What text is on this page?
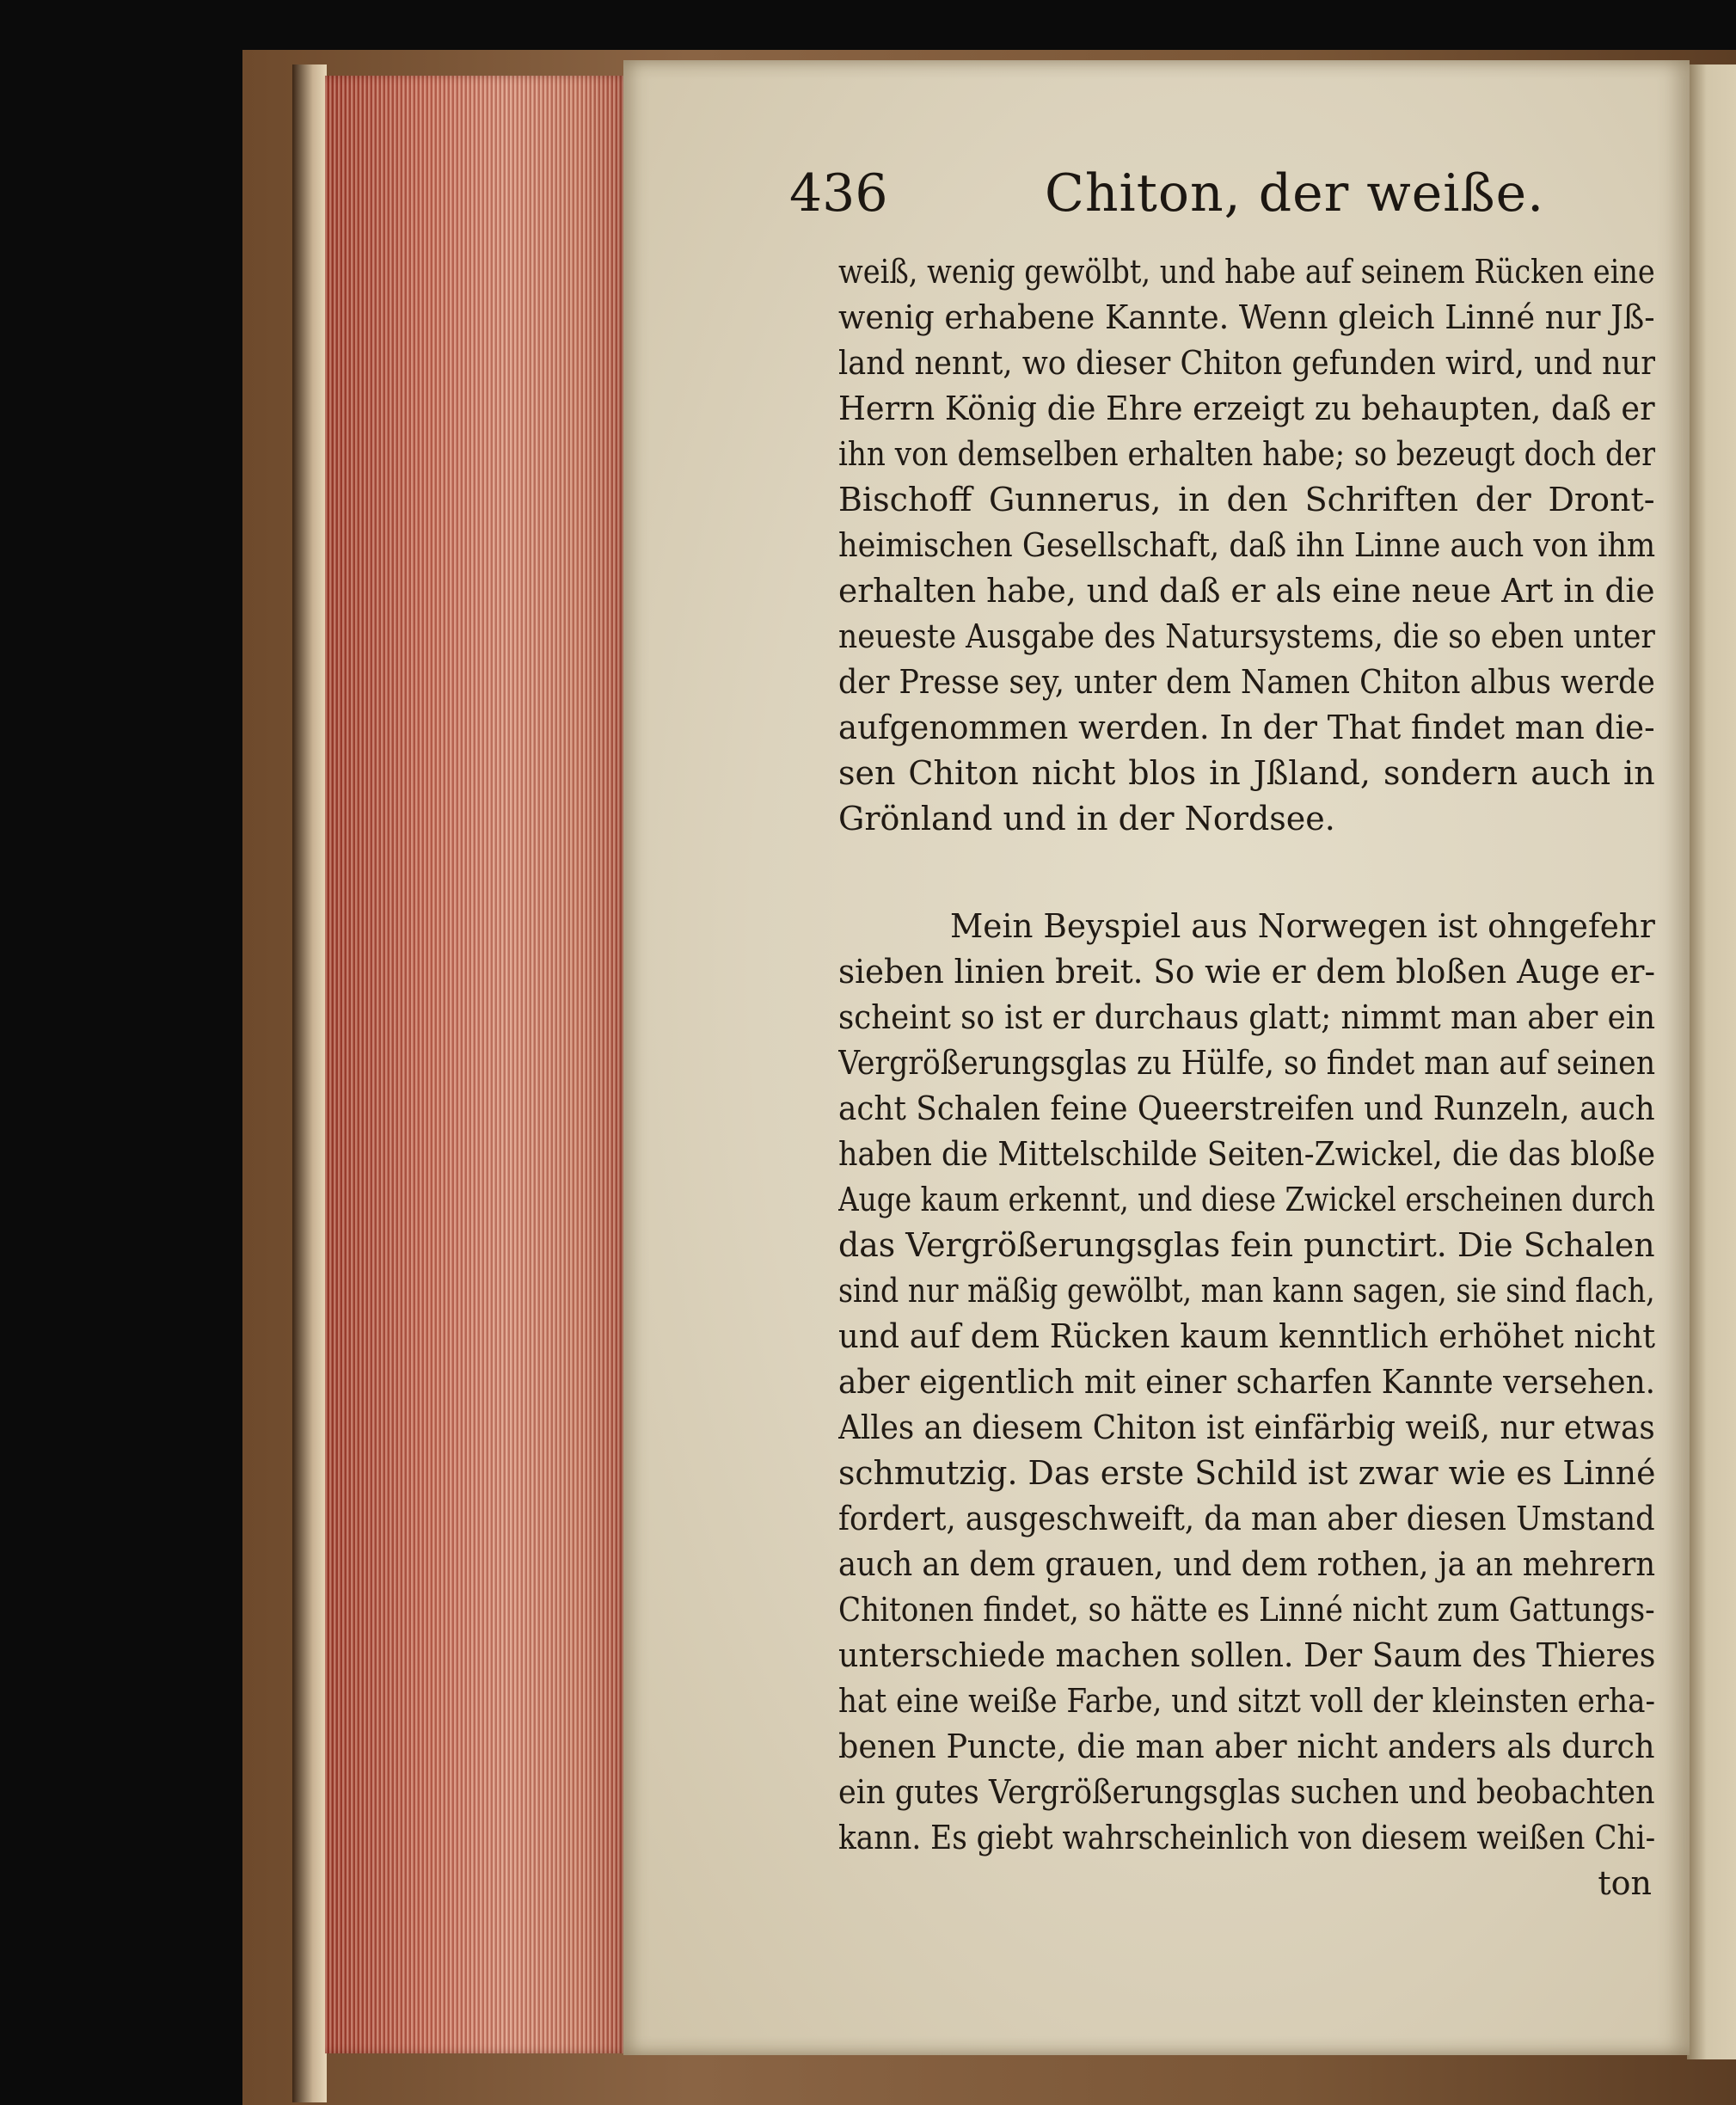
436	Chiton, der weiße.
weiß, wenig gewölbt, und habe auf seinem Rücken eine
wenig erhabene Kannte. Wenn gleich Linné nur Jß-
land nennt, wo dieser Chiton gefunden wird, und nur
Herrn König die Ehre erzeigt zu behaupten, daß er
ihn von demselben erhalten habe; so bezeugt doch der
Bischoff Gunnerus, in den Schriften der Dront-
heimischen Gesellschaft, daß ihn Linne auch von ihm
erhalten habe, und daß er als eine neue Art in die
neueste Ausgabe des Natursystems, die so eben unter
der Presse sey, unter dem Namen Chiton albus werde
aufgenommen werden. In der That findet man die-
sen Chiton nicht blos in Jßland, sondern auch in
Grönland und in der Nordsee.
Mein Beyspiel aus Norwegen ist ohngefehr
sieben linien breit. So wie er dem bloßen Auge er-
scheint so ist er durchaus glatt; nimmt man aber ein
Vergrößerungsglas zu Hülfe, so findet man auf seinen
acht Schalen feine Queerstreifen und Runzeln, auch
haben die Mittelschilde Seiten-Zwickel, die das bloße
Auge kaum erkennt, und diese Zwickel erscheinen durch
das Vergrößerungsglas fein punctirt. Die Schalen
sind nur mäßig gewölbt, man kann sagen, sie sind flach,
und auf dem Rücken kaum kenntlich erhöhet nicht
aber eigentlich mit einer scharfen Kannte versehen.
Alles an diesem Chiton ist einfärbig weiß, nur etwas
schmutzig. Das erste Schild ist zwar wie es Linné
fordert, ausgeschweift, da man aber diesen Umstand
auch an dem grauen, und dem rothen, ja an mehrern
Chitonen findet, so hätte es Linné nicht zum Gattungs-
unterschiede machen sollen. Der Saum des Thieres
hat eine weiße Farbe, und sitzt voll der kleinsten erha-
benen Puncte, die man aber nicht anders als durch
ein gutes Vergrößerungsglas suchen und beobachten
kann. Es giebt wahrscheinlich von diesem weißen Chi-
ton
